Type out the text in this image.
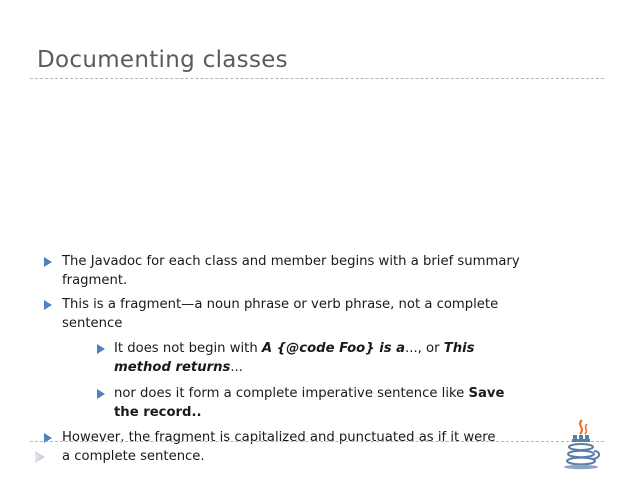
Documenting classes
The Javadoc for each class and member begins with a brief summary fragment.
This is a fragment—a noun phrase or verb phrase, not a complete sentence
It does not begin with A {@code Foo} is a..., or This method returns...
nor does it form a complete imperative sentence like Save the record..
However, the fragment is capitalized and punctuated as if it were a complete sentence.
